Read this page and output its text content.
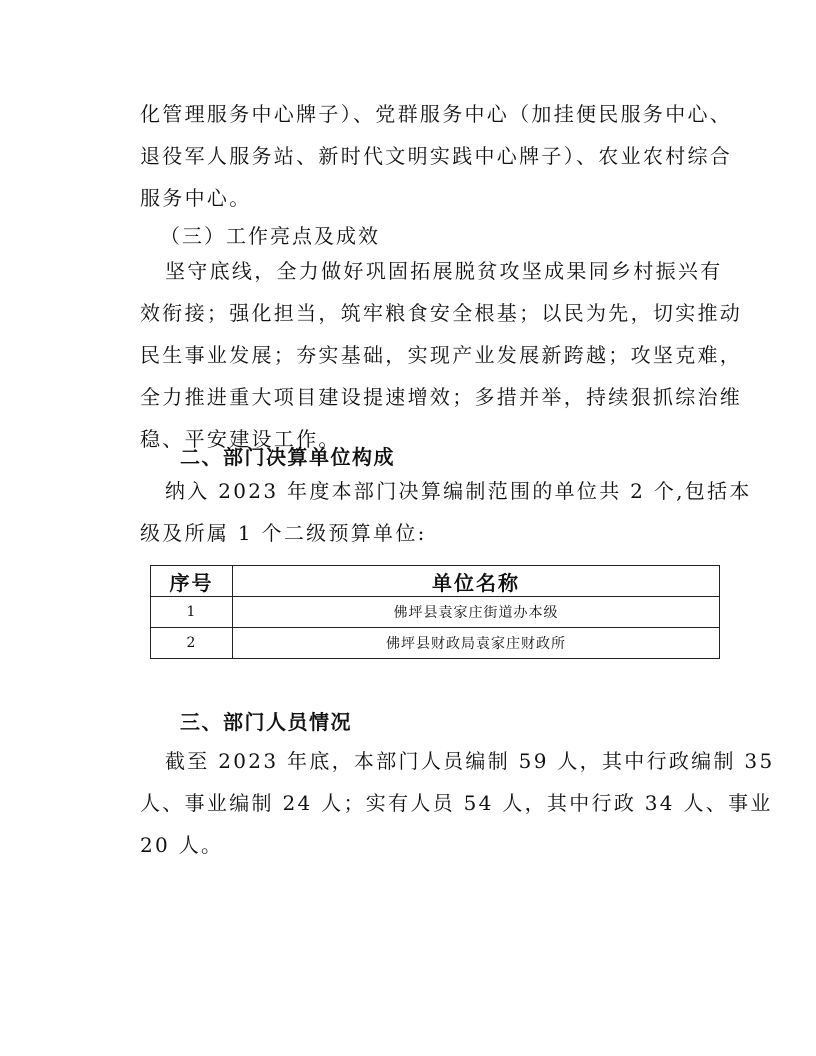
化管理服务中心牌子）、党群服务中心（加挂便民服务中心、
退役军人服务站、新时代文明实践中心牌子）、农业农村综合
服务中心。

（三）工作亮点及成效

坚守底线，全力做好巩固拓展脱贫攻坚成果同乡村振兴有
效衔接；强化担当，筑牢粮食安全根基；以民为先，切实推动
民生事业发展；夯实基础，实现产业发展新跨越；攻坚克难，
全力推进重大项目建设提速增效；多措并举，持续狠抓综治维
稳、平安建设工作。
二、部门决算单位构成
纳入 2023 年度本部门决算编制范围的单位共 2 个,包括本
级及所属 1 个二级预算单位:
序号	单位名称
1	佛坪县袁家庄街道办本级
2	佛坪县财政局袁家庄财政所
三、部门人员情况
截至 2023 年底，本部门人员编制 59 人，其中行政编制 35
人、事业编制 24 人；实有人员 54 人，其中行政 34 人、事业
20 人。
